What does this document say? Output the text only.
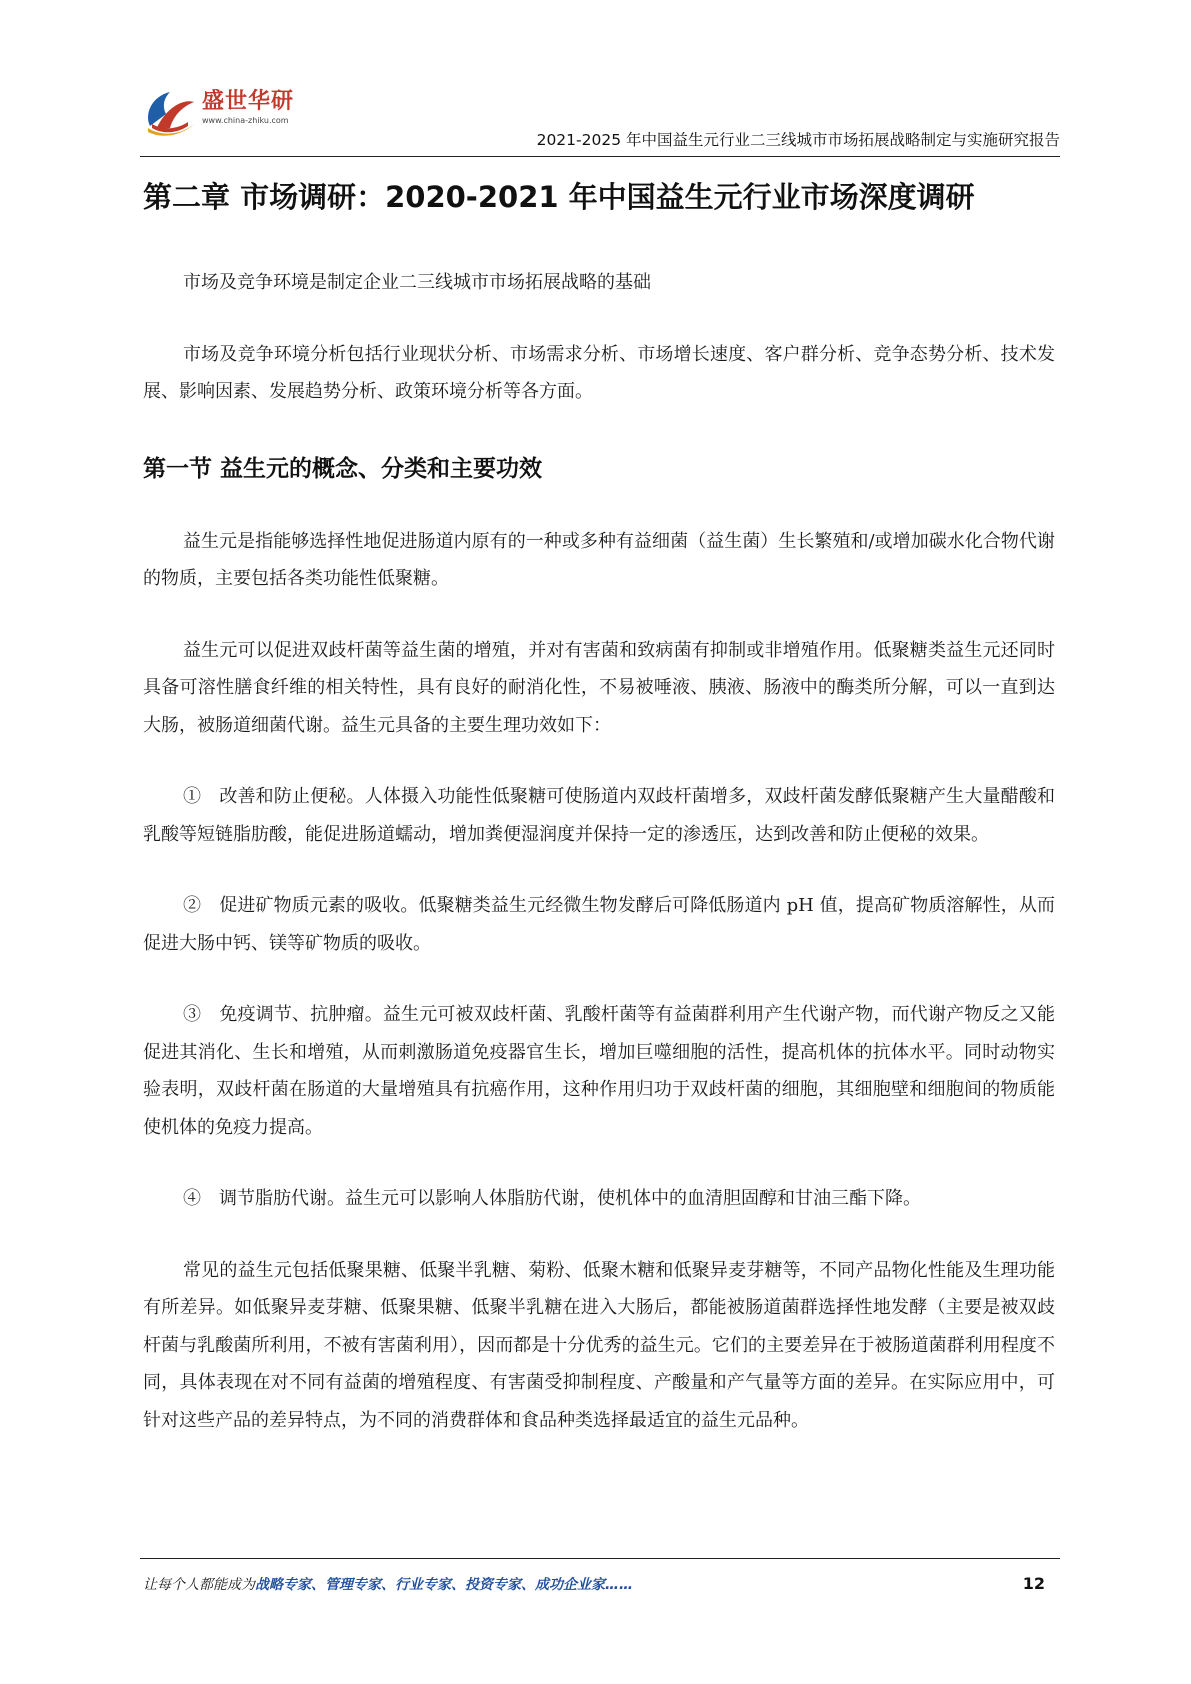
盛世华研
www.china-zhiku.com
2021-2025 年中国益生元行业二三线城市市场拓展战略制定与实施研究报告
第二章 市场调研：2020-2021 年中国益生元行业市场深度调研

市场及竞争环境是制定企业二三线城市市场拓展战略的基础

市场及竞争环境分析包括行业现状分析、市场需求分析、市场增长速度、客户群分析、竞争态势分析、技术发展、影响因素、发展趋势分析、政策环境分析等各方面。

第一节 益生元的概念、分类和主要功效

益生元是指能够选择性地促进肠道内原有的一种或多种有益细菌（益生菌）生长繁殖和/或增加碳水化合物代谢的物质，主要包括各类功能性低聚糖。

益生元可以促进双歧杆菌等益生菌的增殖，并对有害菌和致病菌有抑制或非增殖作用。低聚糖类益生元还同时具备可溶性膳食纤维的相关特性，具有良好的耐消化性，不易被唾液、胰液、肠液中的酶类所分解，可以一直到达大肠，被肠道细菌代谢。益生元具备的主要生理功效如下：

①　改善和防止便秘。人体摄入功能性低聚糖可使肠道内双歧杆菌增多，双歧杆菌发酵低聚糖产生大量醋酸和乳酸等短链脂肪酸，能促进肠道蠕动，增加粪便湿润度并保持一定的渗透压，达到改善和防止便秘的效果。

②　促进矿物质元素的吸收。低聚糖类益生元经微生物发酵后可降低肠道内 pH 值，提高矿物质溶解性，从而促进大肠中钙、镁等矿物质的吸收。

③　免疫调节、抗肿瘤。益生元可被双歧杆菌、乳酸杆菌等有益菌群利用产生代谢产物，而代谢产物反之又能促进其消化、生长和增殖，从而刺激肠道免疫器官生长，增加巨噬细胞的活性，提高机体的抗体水平。同时动物实验表明，双歧杆菌在肠道的大量增殖具有抗癌作用，这种作用归功于双歧杆菌的细胞，其细胞壁和细胞间的物质能使机体的免疫力提高。

④　调节脂肪代谢。益生元可以影响人体脂肪代谢，使机体中的血清胆固醇和甘油三酯下降。

常见的益生元包括低聚果糖、低聚半乳糖、菊粉、低聚木糖和低聚异麦芽糖等，不同产品物化性能及生理功能有所差异。如低聚异麦芽糖、低聚果糖、低聚半乳糖在进入大肠后，都能被肠道菌群选择性地发酵（主要是被双歧杆菌与乳酸菌所利用，不被有害菌利用），因而都是十分优秀的益生元。它们的主要差异在于被肠道菌群利用程度不同，具体表现在对不同有益菌的增殖程度、有害菌受抑制程度、产酸量和产气量等方面的差异。在实际应用中，可针对这些产品的差异特点，为不同的消费群体和食品种类选择最适宜的益生元品种。

让每个人都能成为战略专家、管理专家、行业专家、投资专家、成功企业家……	12
